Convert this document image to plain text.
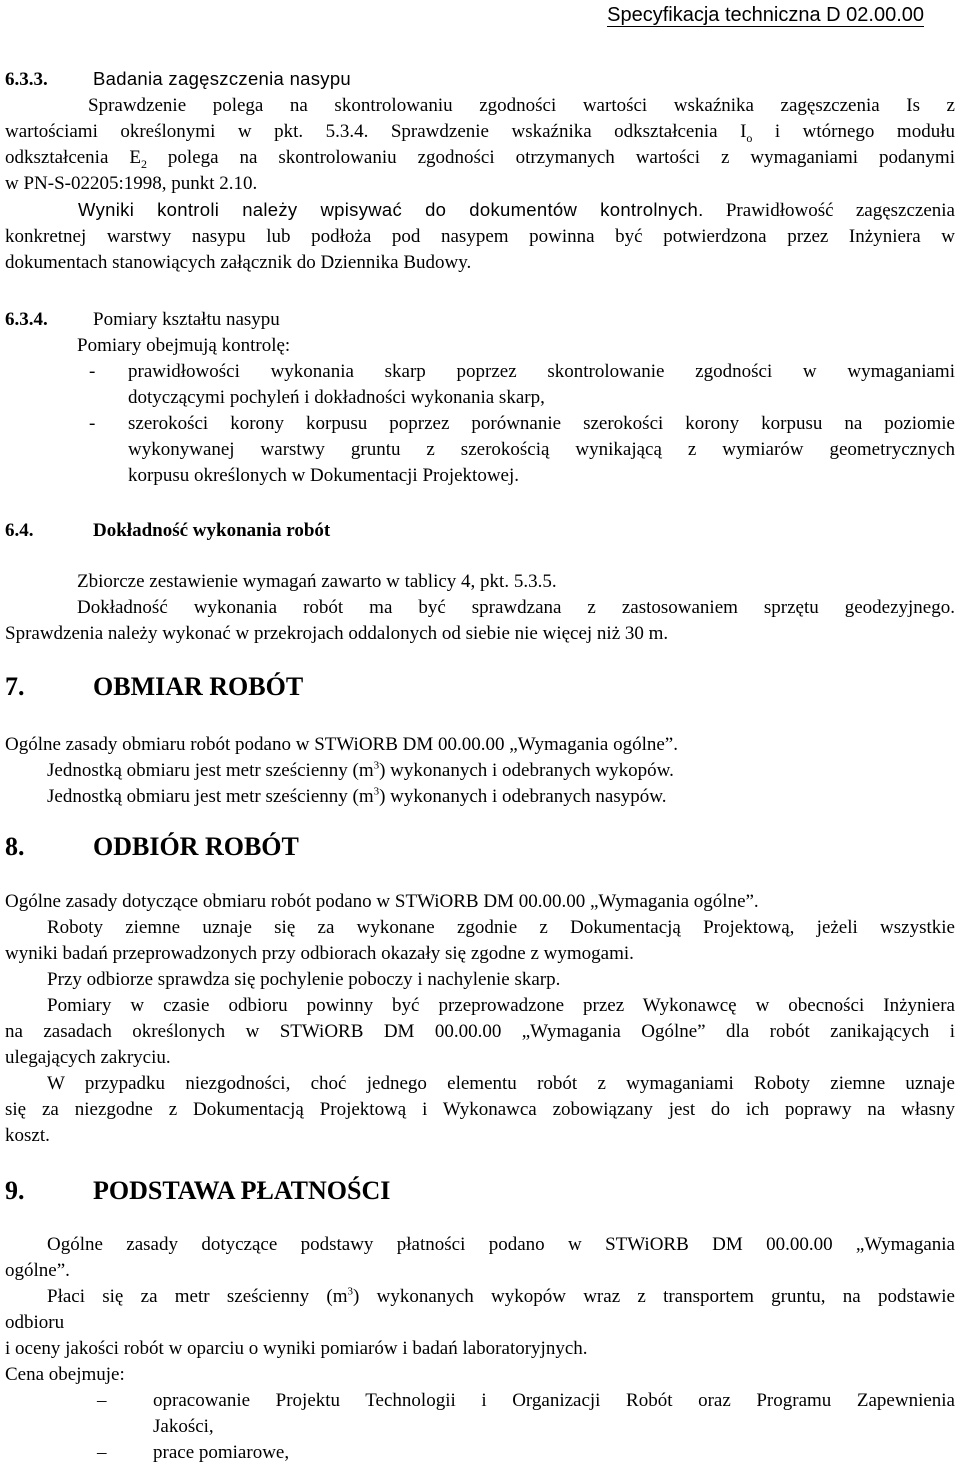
Specyfikacja techniczna D 02.00.00
6.3.3. Badania zagęszczenia nasypu
Sprawdzenie polega na skontrolowaniu zgodności wartości wskaźnika zagęszczenia Is z
wartościami określonymi w pkt. 5.3.4. Sprawdzenie wskaźnika odkształcenia $I_o$ i wtórnego modułu
odkształcenia $E_2$ polega na skontrolowaniu zgodności otrzymanych wartości z wymaganiami podanymi
w PN-S-02205:1998, punkt 2.10.
Wyniki kontroli należy wpisywać do dokumentów kontrolnych. Prawidłowość zagęszczenia
konkretnej warstwy nasypu lub podłoża pod nasypem powinna być potwierdzona przez Inżyniera w
dokumentach stanowiących załącznik do Dziennika Budowy.
6.3.4. Pomiary kształtu nasypu
Pomiary obejmują kontrolę:
- prawidłowości wykonania skarp poprzez skontrolowanie zgodności w wymaganiami
dotyczącymi pochyleń i dokładności wykonania skarp,
- szerokości korony korpusu poprzez porównanie szerokości korony korpusu na poziomie
wykonywanej warstwy gruntu z szerokością wynikającą z wymiarów geometrycznych
korpusu określonych w Dokumentacji Projektowej.
6.4.	Dokładność wykonania robót
Zbiorcze zestawienie wymagań zawarto w tablicy 4, pkt. 5.3.5.
Dokładność wykonania robót ma być sprawdzana z zastosowaniem sprzętu geodezyjnego.
Sprawdzenia należy wykonać w przekrojach oddalonych od siebie nie więcej niż 30 m.
7.	OBMIAR ROBÓT
Ogólne zasady obmiaru robót podano w STWiORB DM 00.00.00 „Wymagania ogólne”.
Jednostką obmiaru jest metr sześcienny $(m^3)$ wykonanych i odebranych wykopów.
Jednostką obmiaru jest metr sześcienny $(m^3)$ wykonanych i odebranych nasypów.
8.	ODBIÓR ROBÓT
Ogólne zasady dotyczące obmiaru robót podano w STWiORB DM 00.00.00 „Wymagania ogólne”.
Roboty ziemne uznaje się za wykonane zgodnie z Dokumentacją Projektową, jeżeli wszystkie
wyniki badań przeprowadzonych przy odbiorach okazały się zgodne z wymogami.
Przy odbiorze sprawdza się pochylenie poboczy i nachylenie skarp.
Pomiary w czasie odbioru powinny być przeprowadzone przez Wykonawcę w obecności Inżyniera
na zasadach określonych w STWiORB DM 00.00.00 „Wymagania Ogólne” dla robót zanikających i
ulegających zakryciu.
W przypadku niezgodności, choć jednego elementu robót z wymaganiami Roboty ziemne uznaje
się za niezgodne z Dokumentacją Projektową i Wykonawca zobowiązany jest do ich poprawy na własny
koszt.
9.	PODSTAWA PŁATNOŚCI
Ogólne zasady dotyczące podstawy płatności podano w STWiORB DM 00.00.00 „Wymagania
ogólne”.
Płaci się za metr sześcienny $(m^3)$ wykonanych wykopów wraz z transportem gruntu, na podstawie
odbioru
i oceny jakości robót w oparciu o wyniki pomiarów i badań laboratoryjnych.
Cena obejmuje:
– opracowanie Projektu Technologii i Organizacji Robót oraz Programu Zapewnienia
Jakości,
– prace pomiarowe,
